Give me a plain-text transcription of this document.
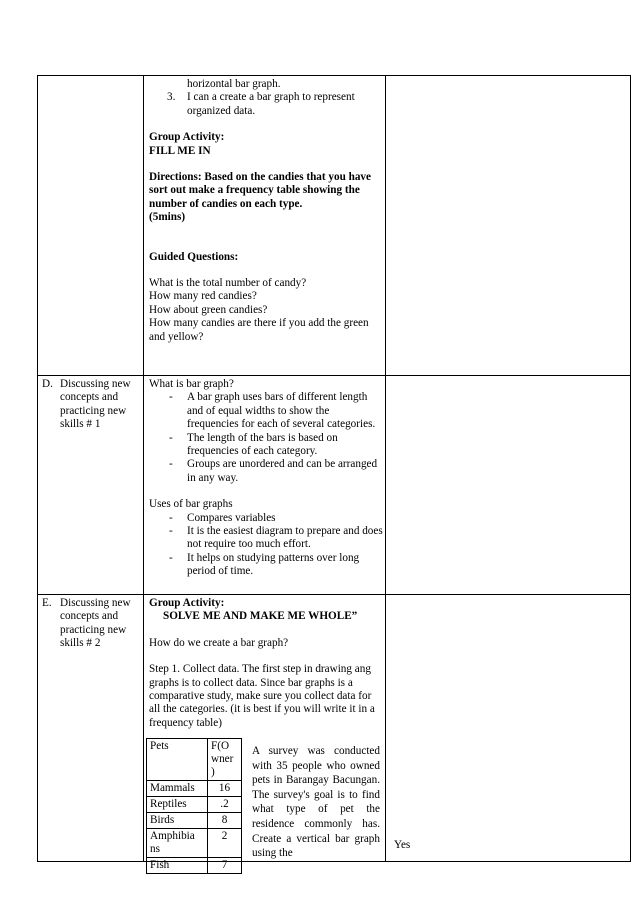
horizontal bar graph.

3. I can a create a bar graph to represent organized data.

Group Activity:

FILL ME IN

Directions: Based on the candies that you have sort out make a frequency table showing the number of candies on each type.

(5mins)

Guided Questions:

What is the total number of candy?

How many red candies?

How about green candies?

How many candies are there if you add the green and yellow?

D. Discussing new concepts and practicing new skills # 1

What is bar graph?

- A bar graph uses bars of different length and of equal widths to show the frequencies for each of several categories.
- The length of the bars is based on frequencies of each category.
- Groups are unordered and can be arranged in any way.

Uses of bar graphs

- Compares variables
- It is the easiest diagram to prepare and does not require too much effort.
- It helps on studying patterns over long period of time.
E. Discussing new concepts and practicing new skills # 2

Group Activity:

SOLVE ME AND MAKE ME WHOLE”

How do we create a bar graph?

Step 1. Collect data. The first step in drawing ang graphs is to collect data. Since bar graphs is a comparative study, make sure you collect data for all the categories. (it is best if you will write it in a frequency table)

Pets	F(O wner )
Mammals	16
Reptiles	.2
Birds	8
Amphibia ns	2
Fish	7

A survey was conducted with 35 people who owned pets in Barangay Bacungan. The survey's goal is to find what type of pet the residence commonly has. Create a vertical bar graph using the

Yes
